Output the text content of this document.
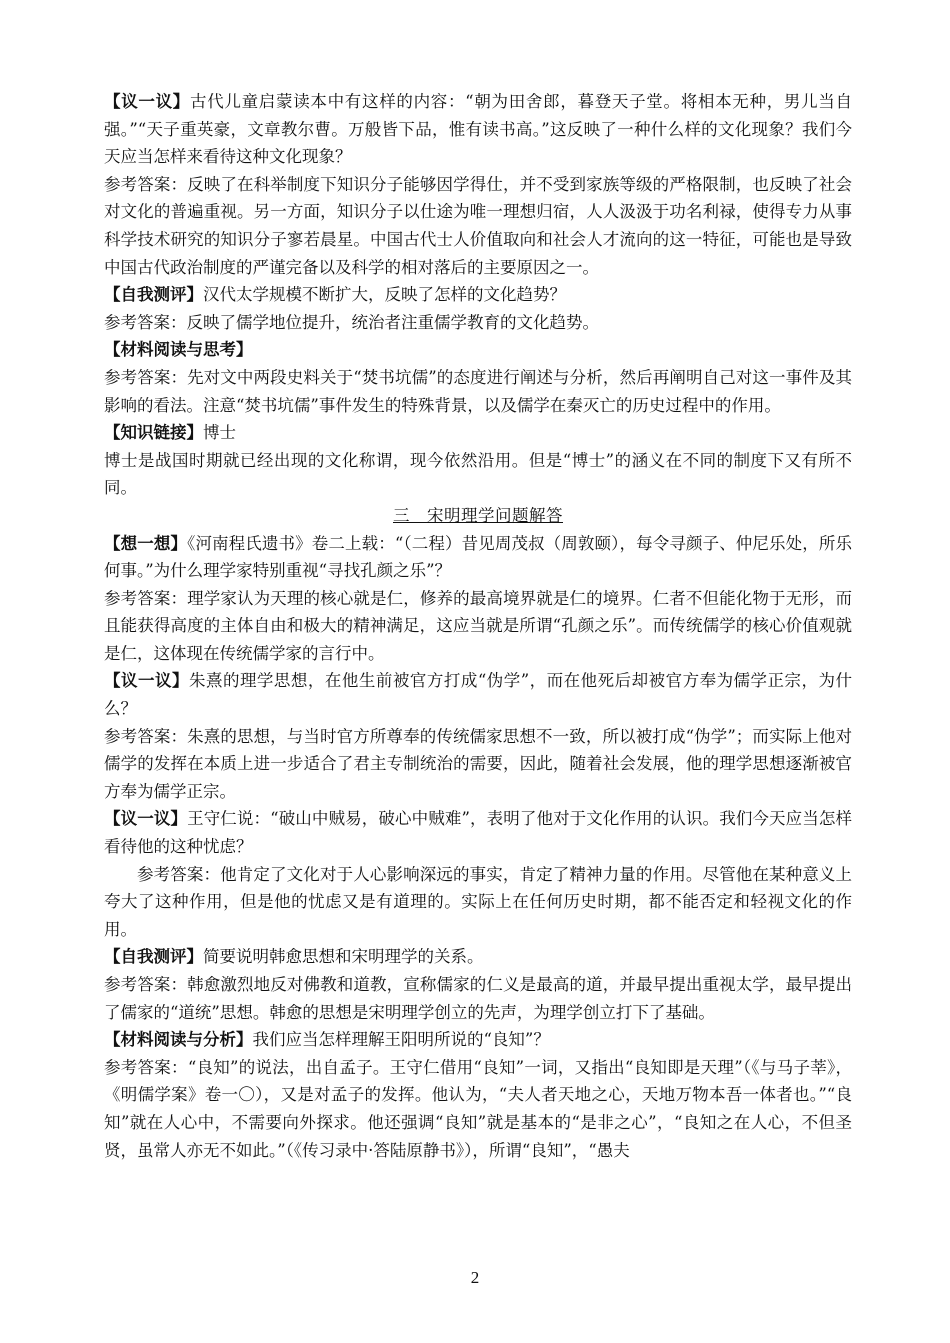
【议一议】古代儿童启蒙读本中有这样的内容：“朝为田舍郎，暮登天子堂。将相本无种，男儿当自强。”“天子重英豪，文章教尔曹。万般皆下品，惟有读书高。”这反映了一种什么样的文化现象？我们今天应当怎样来看待这种文化现象？

参考答案：反映了在科举制度下知识分子能够因学得仕，并不受到家族等级的严格限制，也反映了社会对文化的普遍重视。另一方面，知识分子以仕途为唯一理想归宿，人人汲汲于功名利禄，使得专力从事科学技术研究的知识分子寥若晨星。中国古代士人价值取向和社会人才流向的这一特征，可能也是导致中国古代政治制度的严谨完备以及科学的相对落后的主要原因之一。

【自我测评】汉代太学规模不断扩大，反映了怎样的文化趋势？

参考答案：反映了儒学地位提升，统治者注重儒学教育的文化趋势。

【材料阅读与思考】

参考答案：先对文中两段史料关于“焚书坑儒”的态度进行阐述与分析，然后再阐明自己对这一事件及其影响的看法。注意“焚书坑儒”事件发生的特殊背景，以及儒学在秦灭亡的历史过程中的作用。

【知识链接】博士

博士是战国时期就已经出现的文化称谓，现今依然沿用。但是“博士”的涵义在不同的制度下又有所不同。

三　宋明理学问题解答

【想一想】《河南程氏遗书》卷二上载：“（二程）昔见周茂叔（周敦颐），每令寻颜子、仲尼乐处，所乐何事。”为什么理学家特别重视“寻找孔颜之乐”？

参考答案：理学家认为天理的核心就是仁，修养的最高境界就是仁的境界。仁者不但能化物于无形，而且能获得高度的主体自由和极大的精神满足，这应当就是所谓“孔颜之乐”。而传统儒学的核心价值观就是仁，这体现在传统儒学家的言行中。

【议一议】朱熹的理学思想，在他生前被官方打成“伪学”，而在他死后却被官方奉为儒学正宗，为什么？

参考答案：朱熹的思想，与当时官方所尊奉的传统儒家思想不一致，所以被打成“伪学”；而实际上他对儒学的发挥在本质上进一步适合了君主专制统治的需要，因此，随着社会发展，他的理学思想逐渐被官方奉为儒学正宗。

【议一议】王守仁说：“破山中贼易，破心中贼难”，表明了他对于文化作用的认识。我们今天应当怎样看待他的这种忧虑？

参考答案：他肯定了文化对于人心影响深远的事实，肯定了精神力量的作用。尽管他在某种意义上夸大了这种作用，但是他的忧虑又是有道理的。实际上在任何历史时期，都不能否定和轻视文化的作用。

【自我测评】简要说明韩愈思想和宋明理学的关系。

参考答案：韩愈激烈地反对佛教和道教，宣称儒家的仁义是最高的道，并最早提出重视太学，最早提出了儒家的“道统”思想。韩愈的思想是宋明理学创立的先声，为理学创立打下了基础。

【材料阅读与分析】我们应当怎样理解王阳明所说的“良知”？

参考答案：“良知”的说法，出自孟子。王守仁借用“良知”一词，又指出“良知即是天理”（《与马子莘》，《明儒学案》卷一〇），又是对孟子的发挥。他认为，“夫人者天地之心，天地万物本吾一体者也。”“良知”就在人心中，不需要向外探求。他还强调“良知”就是基本的“是非之心”，“良知之在人心，不但圣贤，虽常人亦无不如此。”（《传习录中·答陆原静书》），所谓“良知”，“愚夫

2
